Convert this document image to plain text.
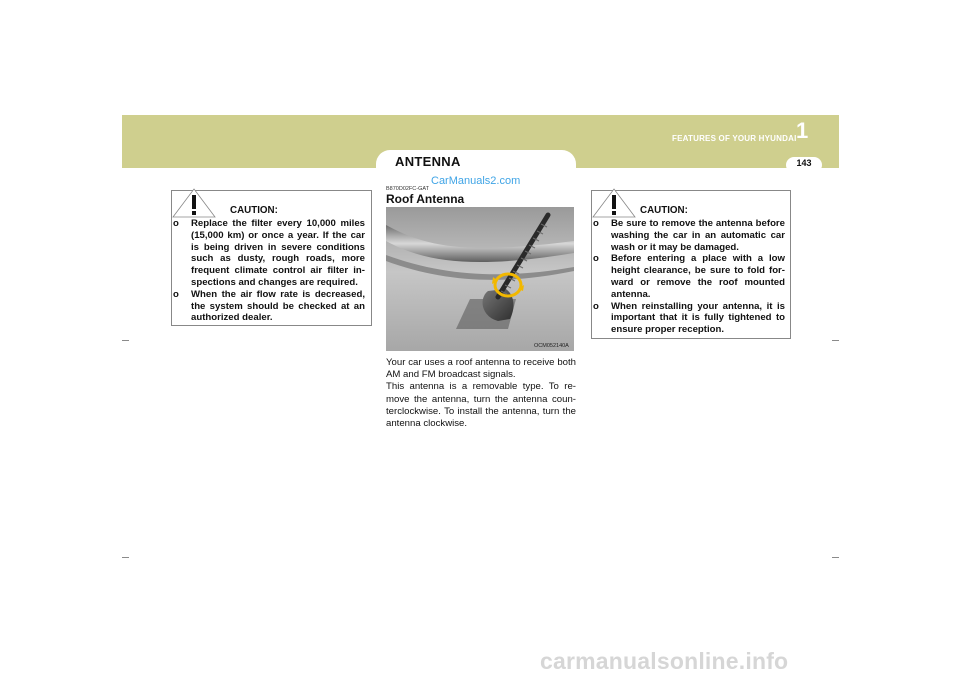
1
FEATURES OF YOUR HYUNDAI
143
ANTENNA
CarManuals2.com
CAUTION:
o Replace the filter every 10,000 miles (15,000 km) or once a year. If the car is being driven in severe conditions such as dusty, rough roads, more frequent climate control air filter in-spections and changes are required.
o When the air flow rate is decreased, the system should be checked at an authorized dealer.
B870D02FC-GAT
Roof Antenna
OCM052140A

Your car uses a roof antenna to receive both AM and FM broadcast signals.

This antenna is a removable type. To re-move the antenna, turn the antenna coun-terclockwise. To install the antenna, turn the antenna clockwise.

CAUTION:
o Be sure to remove the antenna before washing the car in an automatic car wash or it may be damaged.
o Before entering a place with a low height clearance, be sure to fold for-ward or remove the roof mounted antenna.
o When reinstalling your antenna, it is important that it is fully tightened to ensure proper reception.
carmanualsonline.info
